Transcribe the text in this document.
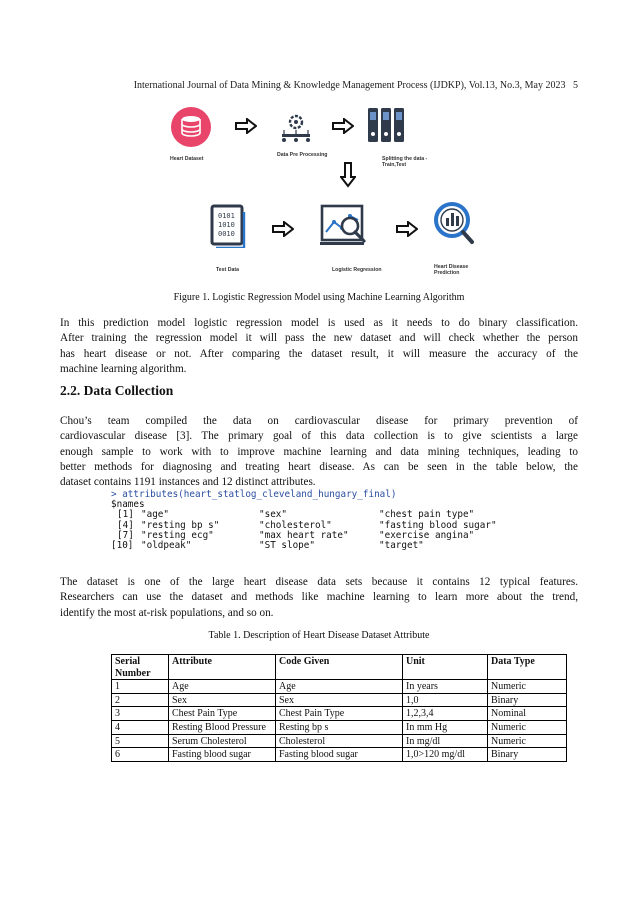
International Journal of Data Mining & Knowledge Management Process (IJDKP), Vol.13, No.3, May 2023 5
Heart Dataset
Data Pre Processing
Splitting the data -
Train,Test
0101
1010
0010
Test Data	Logistic Regression	Heart Disease
Prediction
Figure 1. Logistic Regression Model using Machine Learning Algorithm
In this prediction model logistic regression model is used as it needs to do binary classification.
After training the regression model it will pass the new dataset and will check whether the person
has heart disease or not. After comparing the dataset result, it will measure the accuracy of the
machine learning algorithm.
2.2. Data Collection
Chou’s team compiled the data on cardiovascular disease for primary prevention of
cardiovascular disease [3]. The primary goal of this data collection is to give scientists a large
enough sample to work with to improve machine learning and data mining techniques, leading to
better methods for diagnosing and treating heart disease. As can be seen in the table below, the
dataset contains 1191 instances and 12 distinct attributes.
> attributes(heart_statlog_cleveland_hungary_final)
$names
[1] "age"	"sex"	"chest pain type"
[4] "resting bp s"	"cholesterol"	"fasting blood sugar"
[7] "resting ecg"	"max heart rate"	"exercise angina"
[10] "oldpeak"	"ST slope"	"target"
The dataset is one of the large heart disease data sets because it contains 12 typical features.
Researchers can use the dataset and methods like machine learning to learn more about the trend,
identify the most at-risk populations, and so on.
Table 1. Description of Heart Disease Dataset Attribute
Serial Number	Attribute	Code Given	Unit	Data Type
1	Age	Age	In years	Numeric
2	Sex	Sex	1,0	Binary
3	Chest Pain Type	Chest Pain Type	1,2,3,4	Nominal
4	Resting Blood Pressure	Resting bp s	In mm Hg	Numeric
5	Serum Cholesterol	Cholesterol	In mg/dl	Numeric
6	Fasting blood sugar	Fasting blood sugar	1,0>120 mg/dl	Binary
